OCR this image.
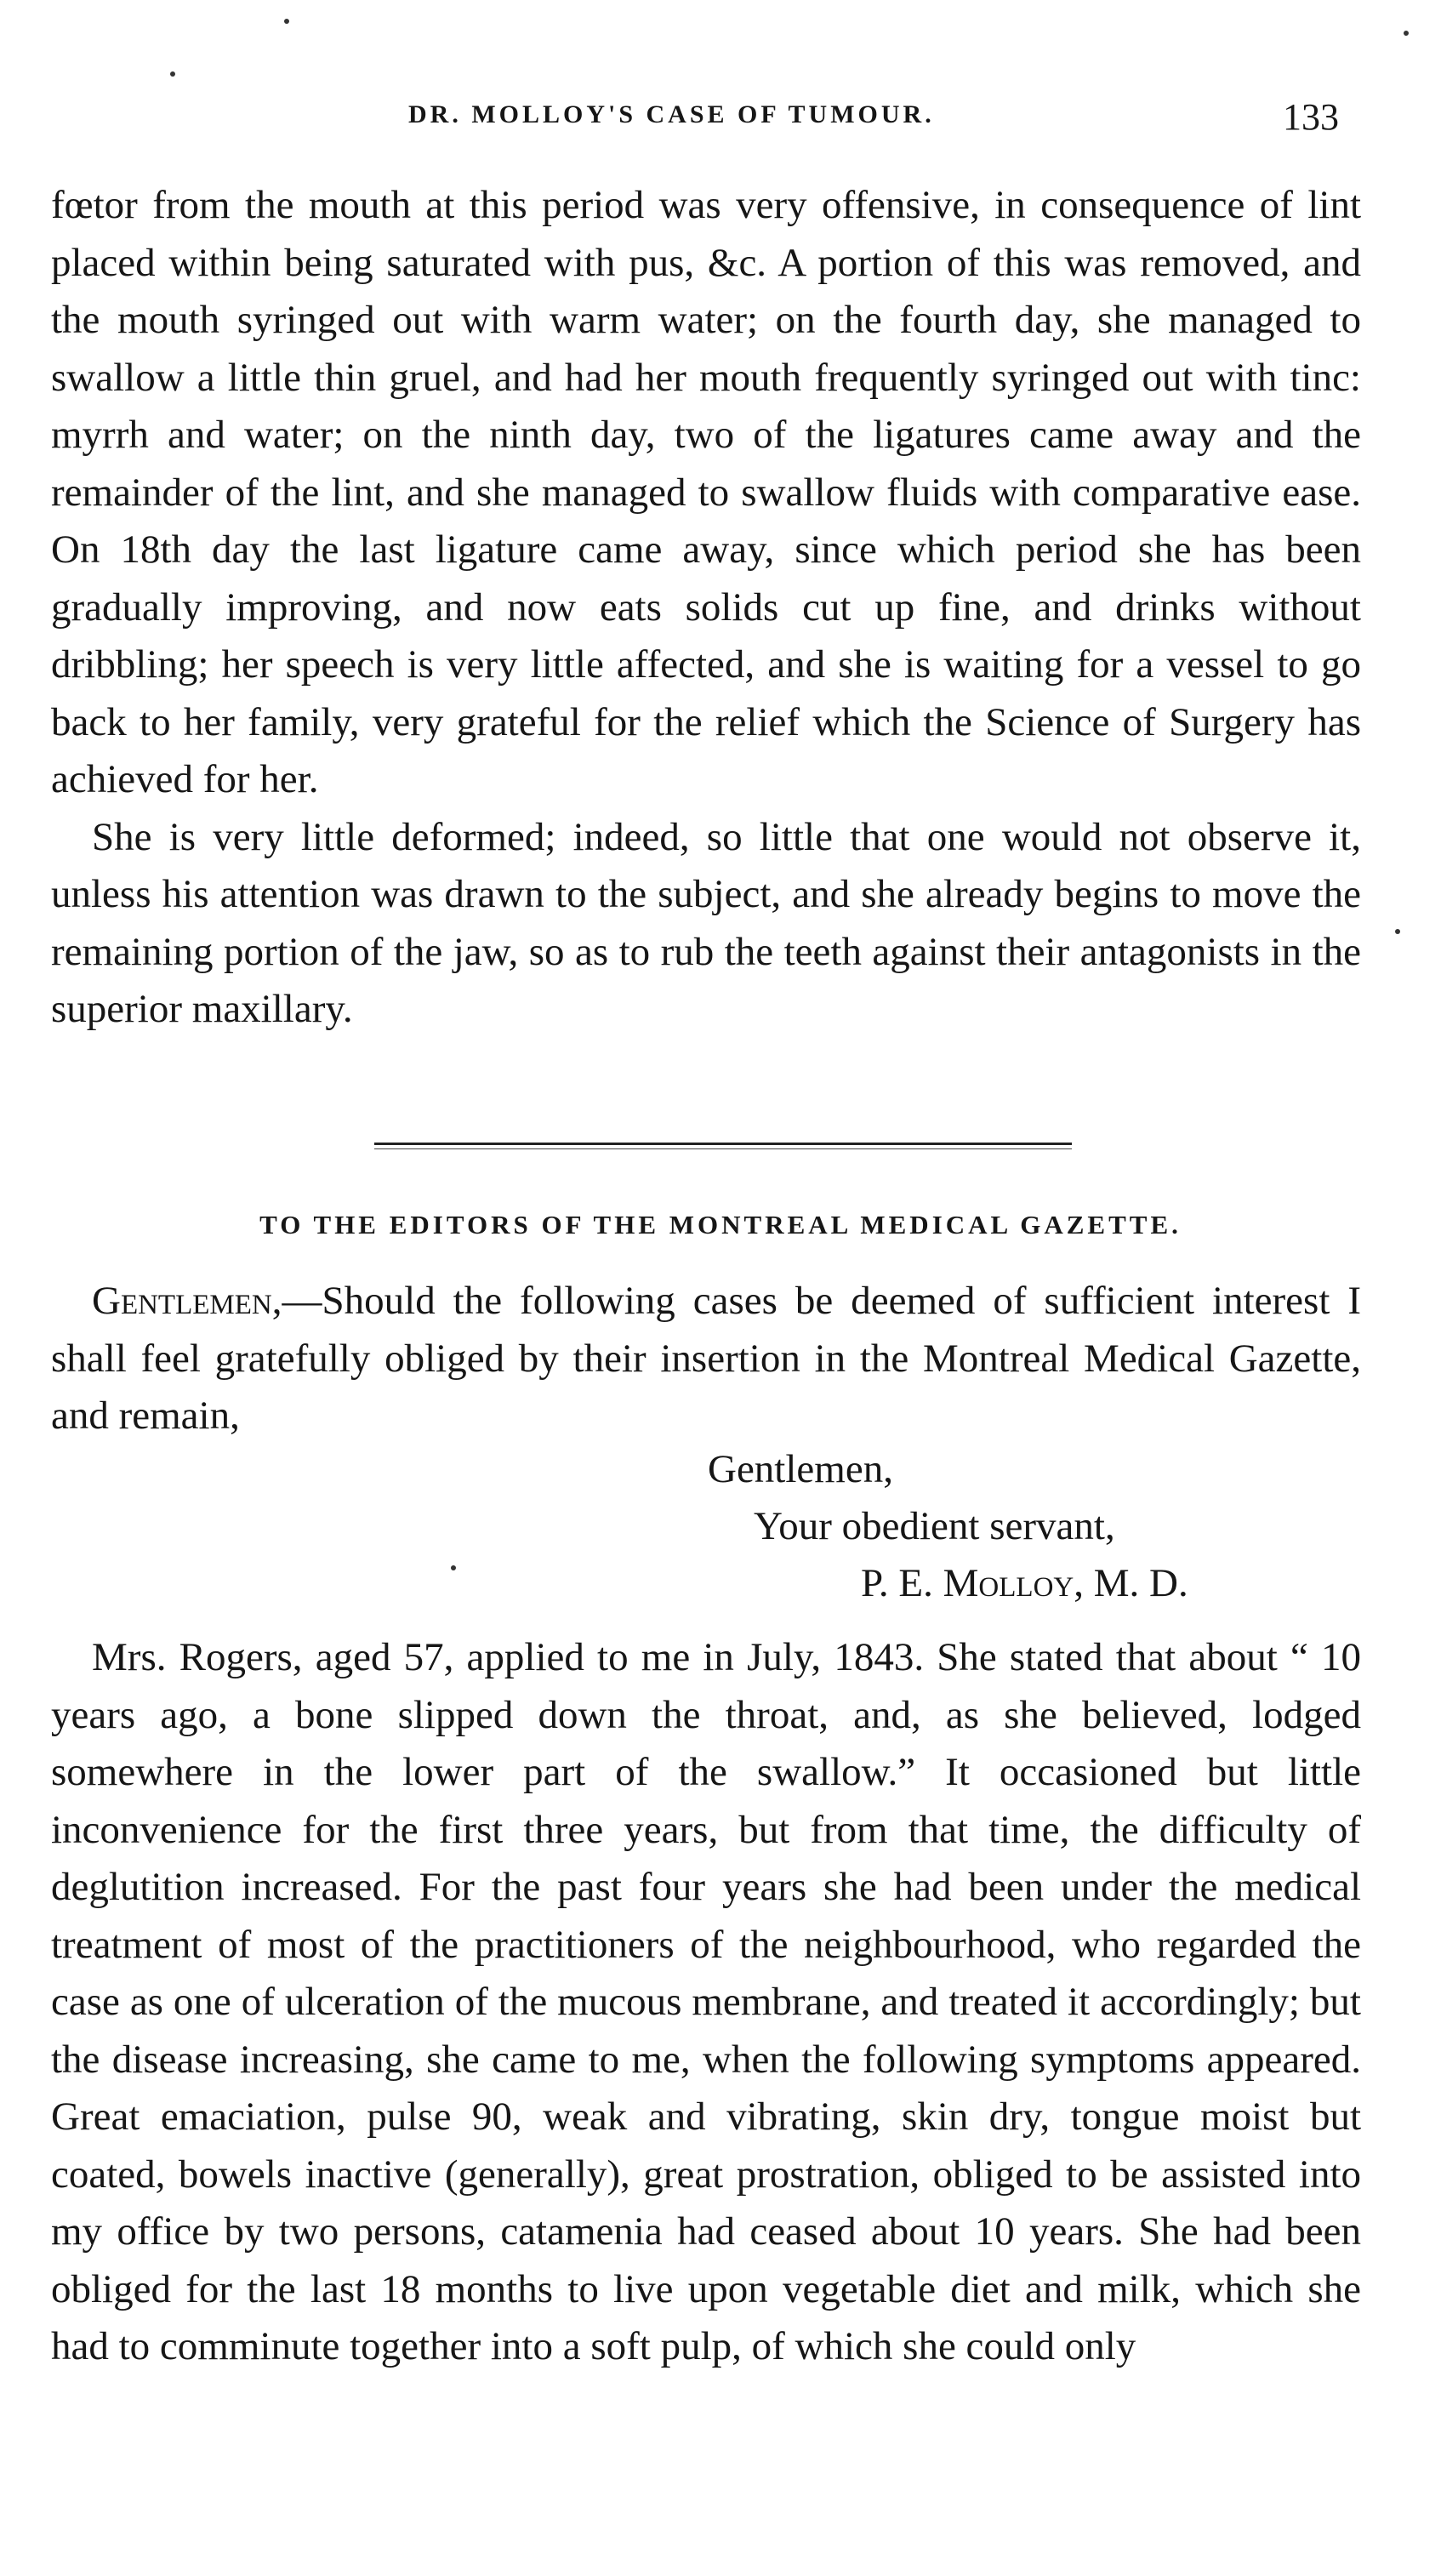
DR. MOLLOY'S CASE OF TUMOUR.	133

fœtor from the mouth at this period was very offensive, in consequence of lint placed within being saturated with pus, &c. A portion of this was removed, and the mouth syringed out with warm water; on the fourth day, she managed to swallow a little thin gruel, and had her mouth frequently syringed out with tinc: myrrh and water; on the ninth day, two of the ligatures came away and the remainder of the lint, and she managed to swallow fluids with comparative ease. On 18th day the last ligature came away, since which period she has been gradually improving, and now eats solids cut up fine, and drinks without dribbling; her speech is very little affected, and she is waiting for a vessel to go back to her family, very grateful for the relief which the Science of Surgery has achieved for her.

She is very little deformed; indeed, so little that one would not observe it, unless his attention was drawn to the subject, and she already begins to move the remaining portion of the jaw, so as to rub the teeth against their antagonists in the superior maxillary.

TO THE EDITORS OF THE MONTREAL MEDICAL GAZETTE.

Gentlemen,—Should the following cases be deemed of sufficient interest I shall feel gratefully obliged by their insertion in the Montreal Medical Gazette, and remain,

Gentlemen,
Your obedient servant,
P. E. Molloy, M. D.

Mrs. Rogers, aged 57, applied to me in July, 1843. She stated that about “ 10 years ago, a bone slipped down the throat, and, as she believed, lodged somewhere in the lower part of the swallow.” It occasioned but little inconvenience for the first three years, but from that time, the difficulty of deglutition increased. For the past four years she had been under the medical treatment of most of the practitioners of the neighbourhood, who regarded the case as one of ulceration of the mucous membrane, and treated it accordingly; but the disease increasing, she came to me, when the following symptoms appeared. Great emaciation, pulse 90, weak and vibrating, skin dry, tongue moist but coated, bowels inactive (generally), great prostration, obliged to be assisted into my office by two persons, catamenia had ceased about 10 years. She had been obliged for the last 18 months to live upon vegetable diet and milk, which she had to comminute together into a soft pulp, of which she could only
